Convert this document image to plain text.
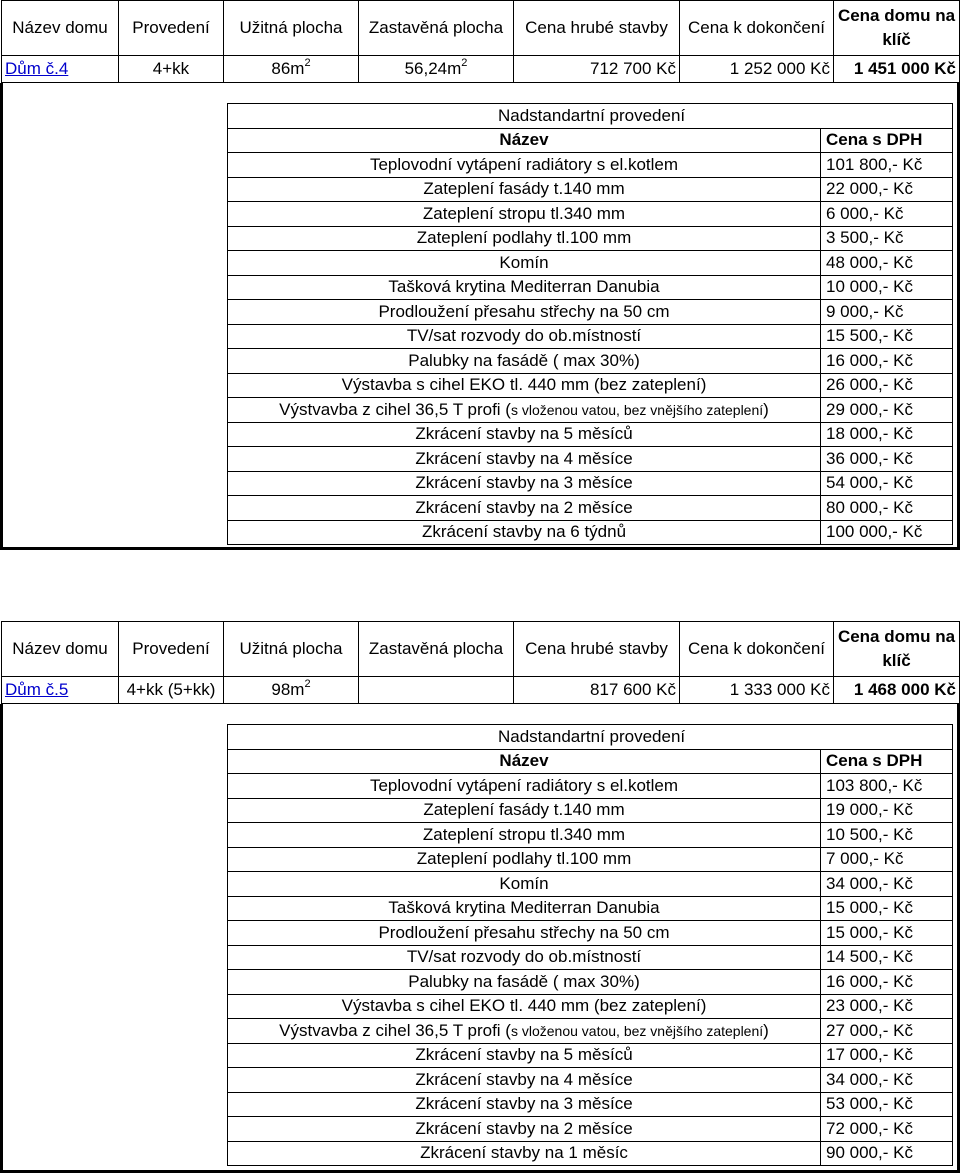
Název domu	Provedení	Užitná plocha	Zastavěná plocha	Cena hrubé stavby	Cena k dokončení	Cena domu na klíč
Dům č.4	4+kk	$86m^2$	$56,24m^2$	712 700 Kč	1 252 000 Kč	1 451 000 Kč
Nadstandartní provedení	
Název	Cena s DPH
Teplovodní vytápení radiátory s el.kotlem	101 800,- Kč
Zateplení fasády t.140 mm	22 000,- Kč
Zateplení stropu tl.340 mm	6 000,- Kč
Zateplení podlahy tl.100 mm	3 500,- Kč
Komín	48 000,- Kč
Tašková krytina Mediterran Danubia	10 000,- Kč
Prodloužení přesahu střechy na 50 cm	9 000,- Kč
TV/sat rozvody do ob.místností	15 500,- Kč
Palubky na fasádě ( max 30%)	16 000,- Kč
Výstavba s cihel EKO tl. 440 mm (bez zateplení)	26 000,- Kč
Výstvavba z cihel 36,5 T profi (s vloženou vatou, bez vnějšího zateplení)	29 000,- Kč
Zkrácení stavby na 5 měsíců	18 000,- Kč
Zkrácení stavby na 4 měsíce	36 000,- Kč
Zkrácení stavby na 3 měsíce	54 000,- Kč
Zkrácení stavby na 2 měsíce	80 000,- Kč
Zkrácení stavby na 6 týdnů	100 000,- Kč
Název domu	Provedení	Užitná plocha	Zastavěná plocha	Cena hrubé stavby	Cena k dokončení	Cena domu na klíč
Dům č.5	4+kk (5+kk)	$98m^2$		817 600 Kč	1 333 000 Kč	1 468 000 Kč
Nadstandartní provedení	
Název	Cena s DPH
Teplovodní vytápení radiátory s el.kotlem	103 800,- Kč
Zateplení fasády t.140 mm	19 000,- Kč
Zateplení stropu tl.340 mm	10 500,- Kč
Zateplení podlahy tl.100 mm	7 000,- Kč
Komín	34 000,- Kč
Tašková krytina Mediterran Danubia	15 000,- Kč
Prodloužení přesahu střechy na 50 cm	15 000,- Kč
TV/sat rozvody do ob.místností	14 500,- Kč
Palubky na fasádě ( max 30%)	16 000,- Kč
Výstavba s cihel EKO tl. 440 mm (bez zateplení)	23 000,- Kč
Výstvavba z cihel 36,5 T profi (s vloženou vatou, bez vnějšího zateplení)	27 000,- Kč
Zkrácení stavby na 5 měsíců	17 000,- Kč
Zkrácení stavby na 4 měsíce	34 000,- Kč
Zkrácení stavby na 3 měsíce	53 000,- Kč
Zkrácení stavby na 2 měsíce	72 000,- Kč
Zkrácení stavby na 1 měsíc	90 000,- Kč
